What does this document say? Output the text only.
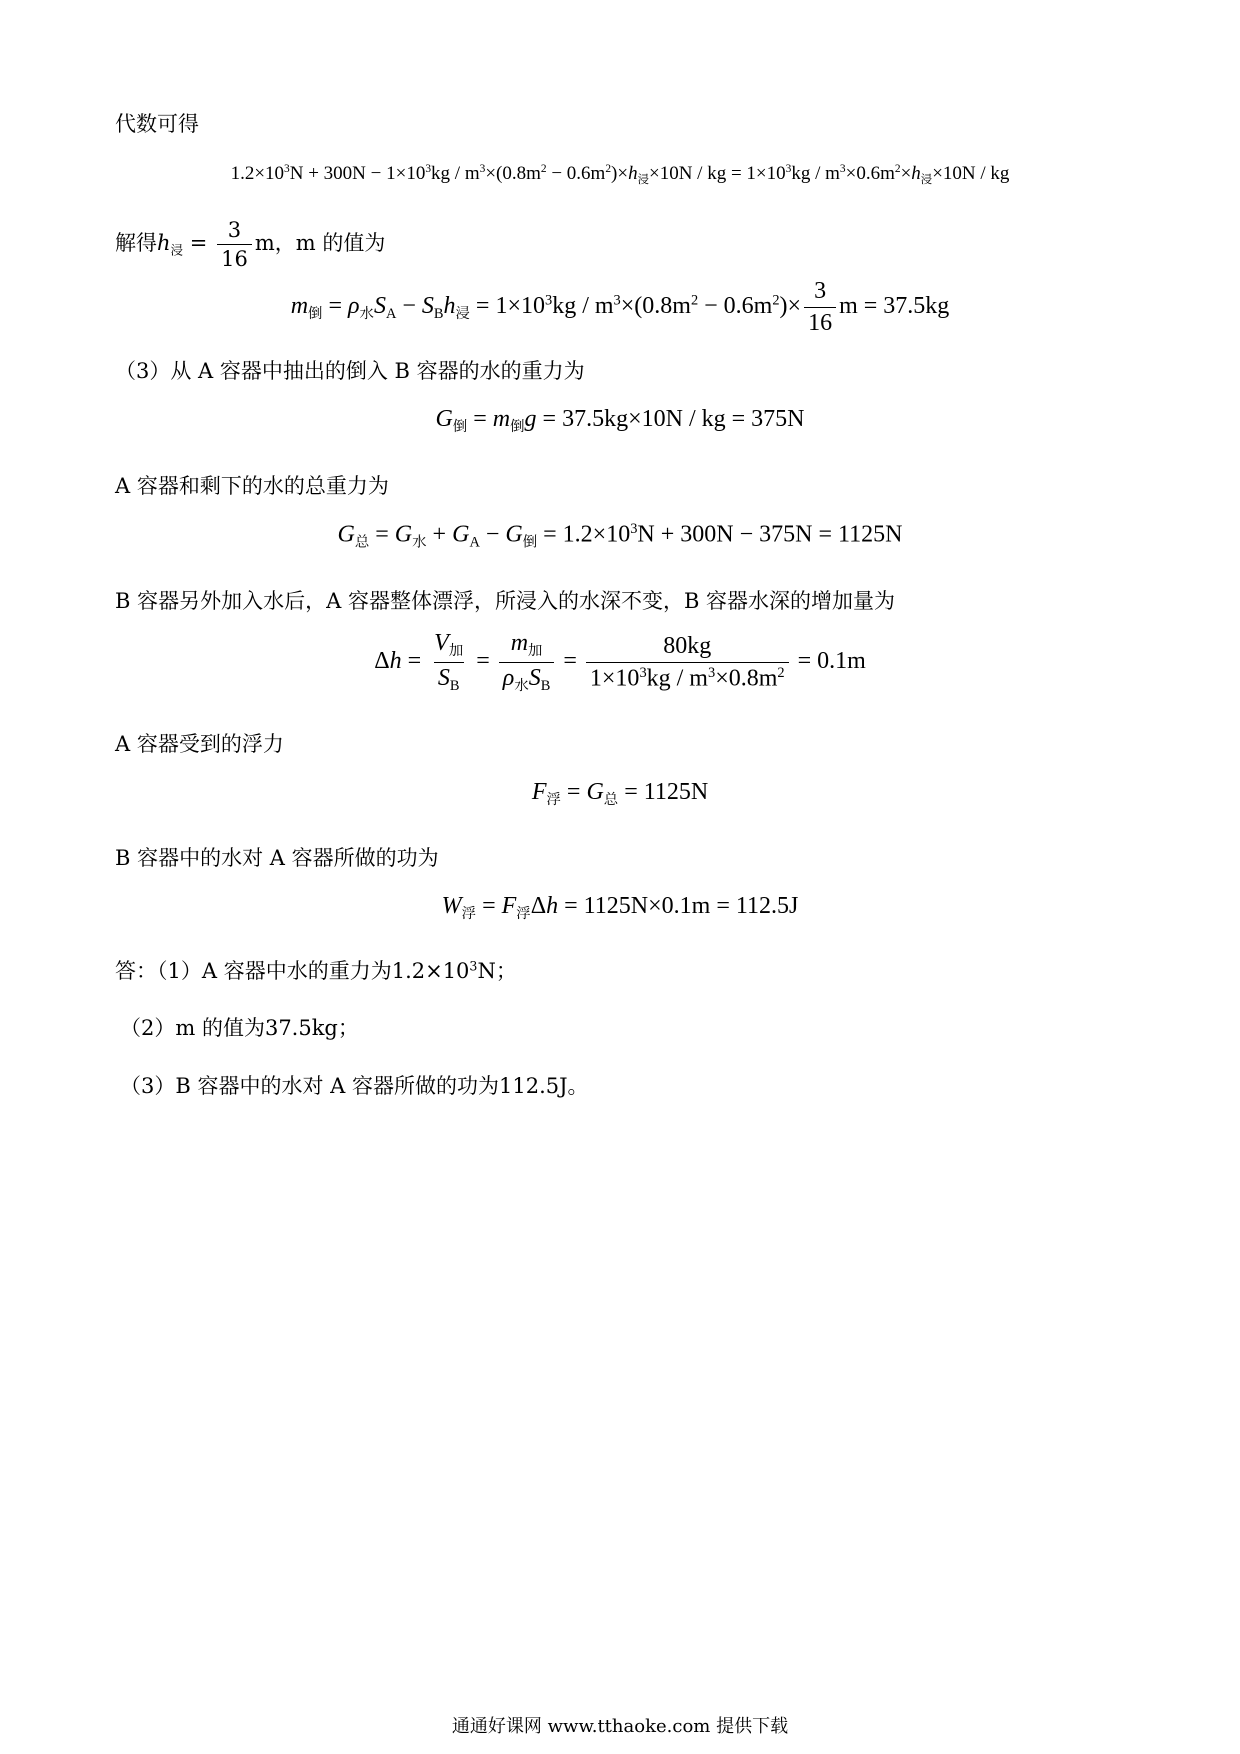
代数可得
$1.2\times 10^3N + 300N - 1\times 10^3kg / m^3\times(0.8m^2 - 0.6m^2)\times h_浸\times 10N$ / kg = $1\times 10^3kg / m^3\times 0.6m^2\times h_浸\times 10N$ / kg
解得$h_浸 = \frac{3}{16}$ m，m 的值为
$m_倒 = \rho_水S_A - S_Bh_浸 = 1\times 10^3kg / m^3\times(0.8m^2 - 0.6m^2)\times \frac{3}{16}$ m = 37.5kg
（3）从 A 容器中抽出的倒入 B 容器的水的重力为
$G_倒 = m_倒g = 37.5kg\times 10N$ / kg = 375N
A 容器和剩下的水的总重力为
$G_总 = G_水 + G_A - G_倒 = 1.2\times 10^3N + 300N - 375N = 1125N$
B 容器另外加入水后，A 容器整体漂浮，所浸入的水深不变，B 容器水深的增加量为
$\Delta h = \frac{V_加}{S_B} = \frac{m_加}{\rho_水S_B} = \frac{80kg}{1\times 10^3kg / m^3\times 0.8m^2} = 0.1m$
A 容器受到的浮力
$F_浮 = G_总 = 1125N$
B 容器中的水对 A 容器所做的功为
$W_浮 = F_浮\Delta h = 1125N\times 0.1m = 112.5J$
答：（1）A 容器中水的重力为$1.2\times 10^3N$；
（2）m 的值为37.5kg；
（3）B 容器中的水对 A 容器所做的功为112.5J。
通通好课网 www.tthaoke.com 提供下载
